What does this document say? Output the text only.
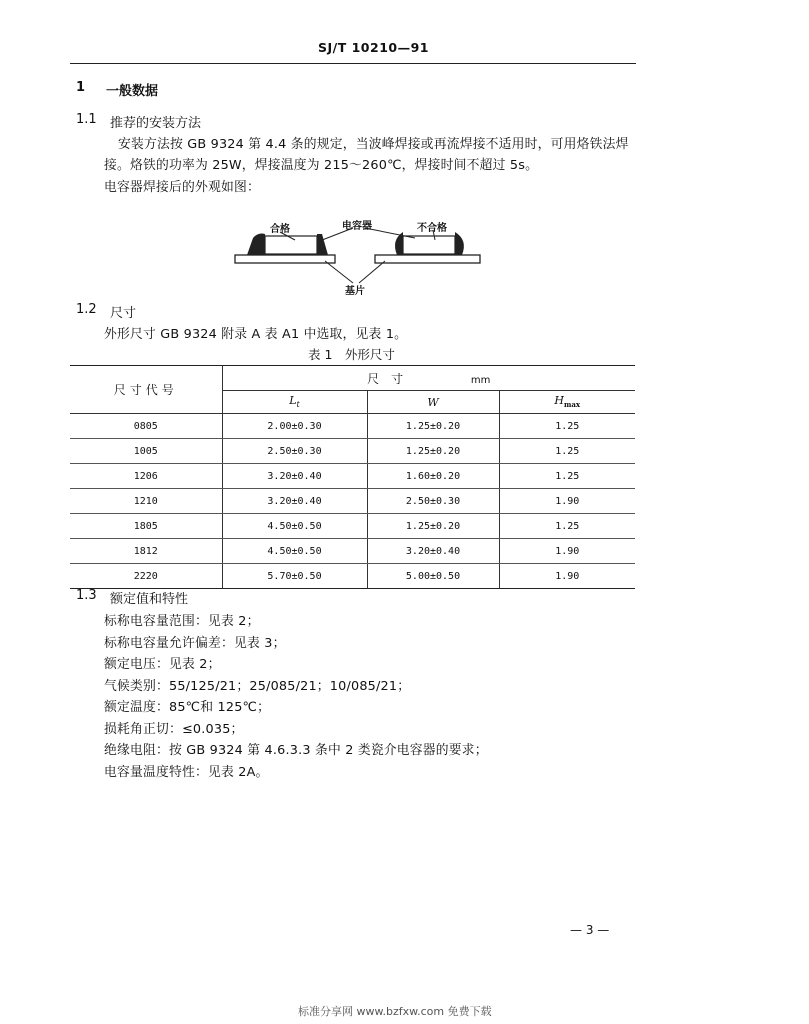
SJ/T 10210—91
1 一般数据
1.1 推荐的安装方法
安装方法按 GB 9324 第 4.4 条的规定，当波峰焊接或再流焊接不适用时，可用烙铁法焊
接。烙铁的功率为 25W，焊接温度为 215～260℃，焊接时间不超过 5s。
电容器焊接后的外观如图：
合格	电容器	不合格
基片
1.2 尺寸
外形尺寸 GB 9324 附录 A 表 A1 中选取，见表 1。
表 1　外形尺寸
尺寸代号	尺　寸 mm		
	$L_t$	W	$H_{max}$
0805	2.00±0.30	1.25±0.20	1.25
1005	2.50±0.30	1.25±0.20	1.25
1206	3.20±0.40	1.60±0.20	1.25
1210	3.20±0.40	2.50±0.30	1.90
1805	4.50±0.50	1.25±0.20	1.25
1812	4.50±0.50	3.20±0.40	1.90
2220	5.70±0.50	5.00±0.50	1.90
1.3 额定值和特性
标称电容量范围：见表 2；
标称电容量允许偏差：见表 3；
额定电压：见表 2；
气候类别：55/125/21；25/085/21；10/085/21；
额定温度：85℃和 125℃；
损耗角正切：≤0.035；
绝缘电阻：按 GB 9324 第 4.6.3.3 条中 2 类瓷介电容器的要求；
电容量温度特性：见表 2A。
— 3 —
标准分享网 www.bzfxw.com 免费下载
